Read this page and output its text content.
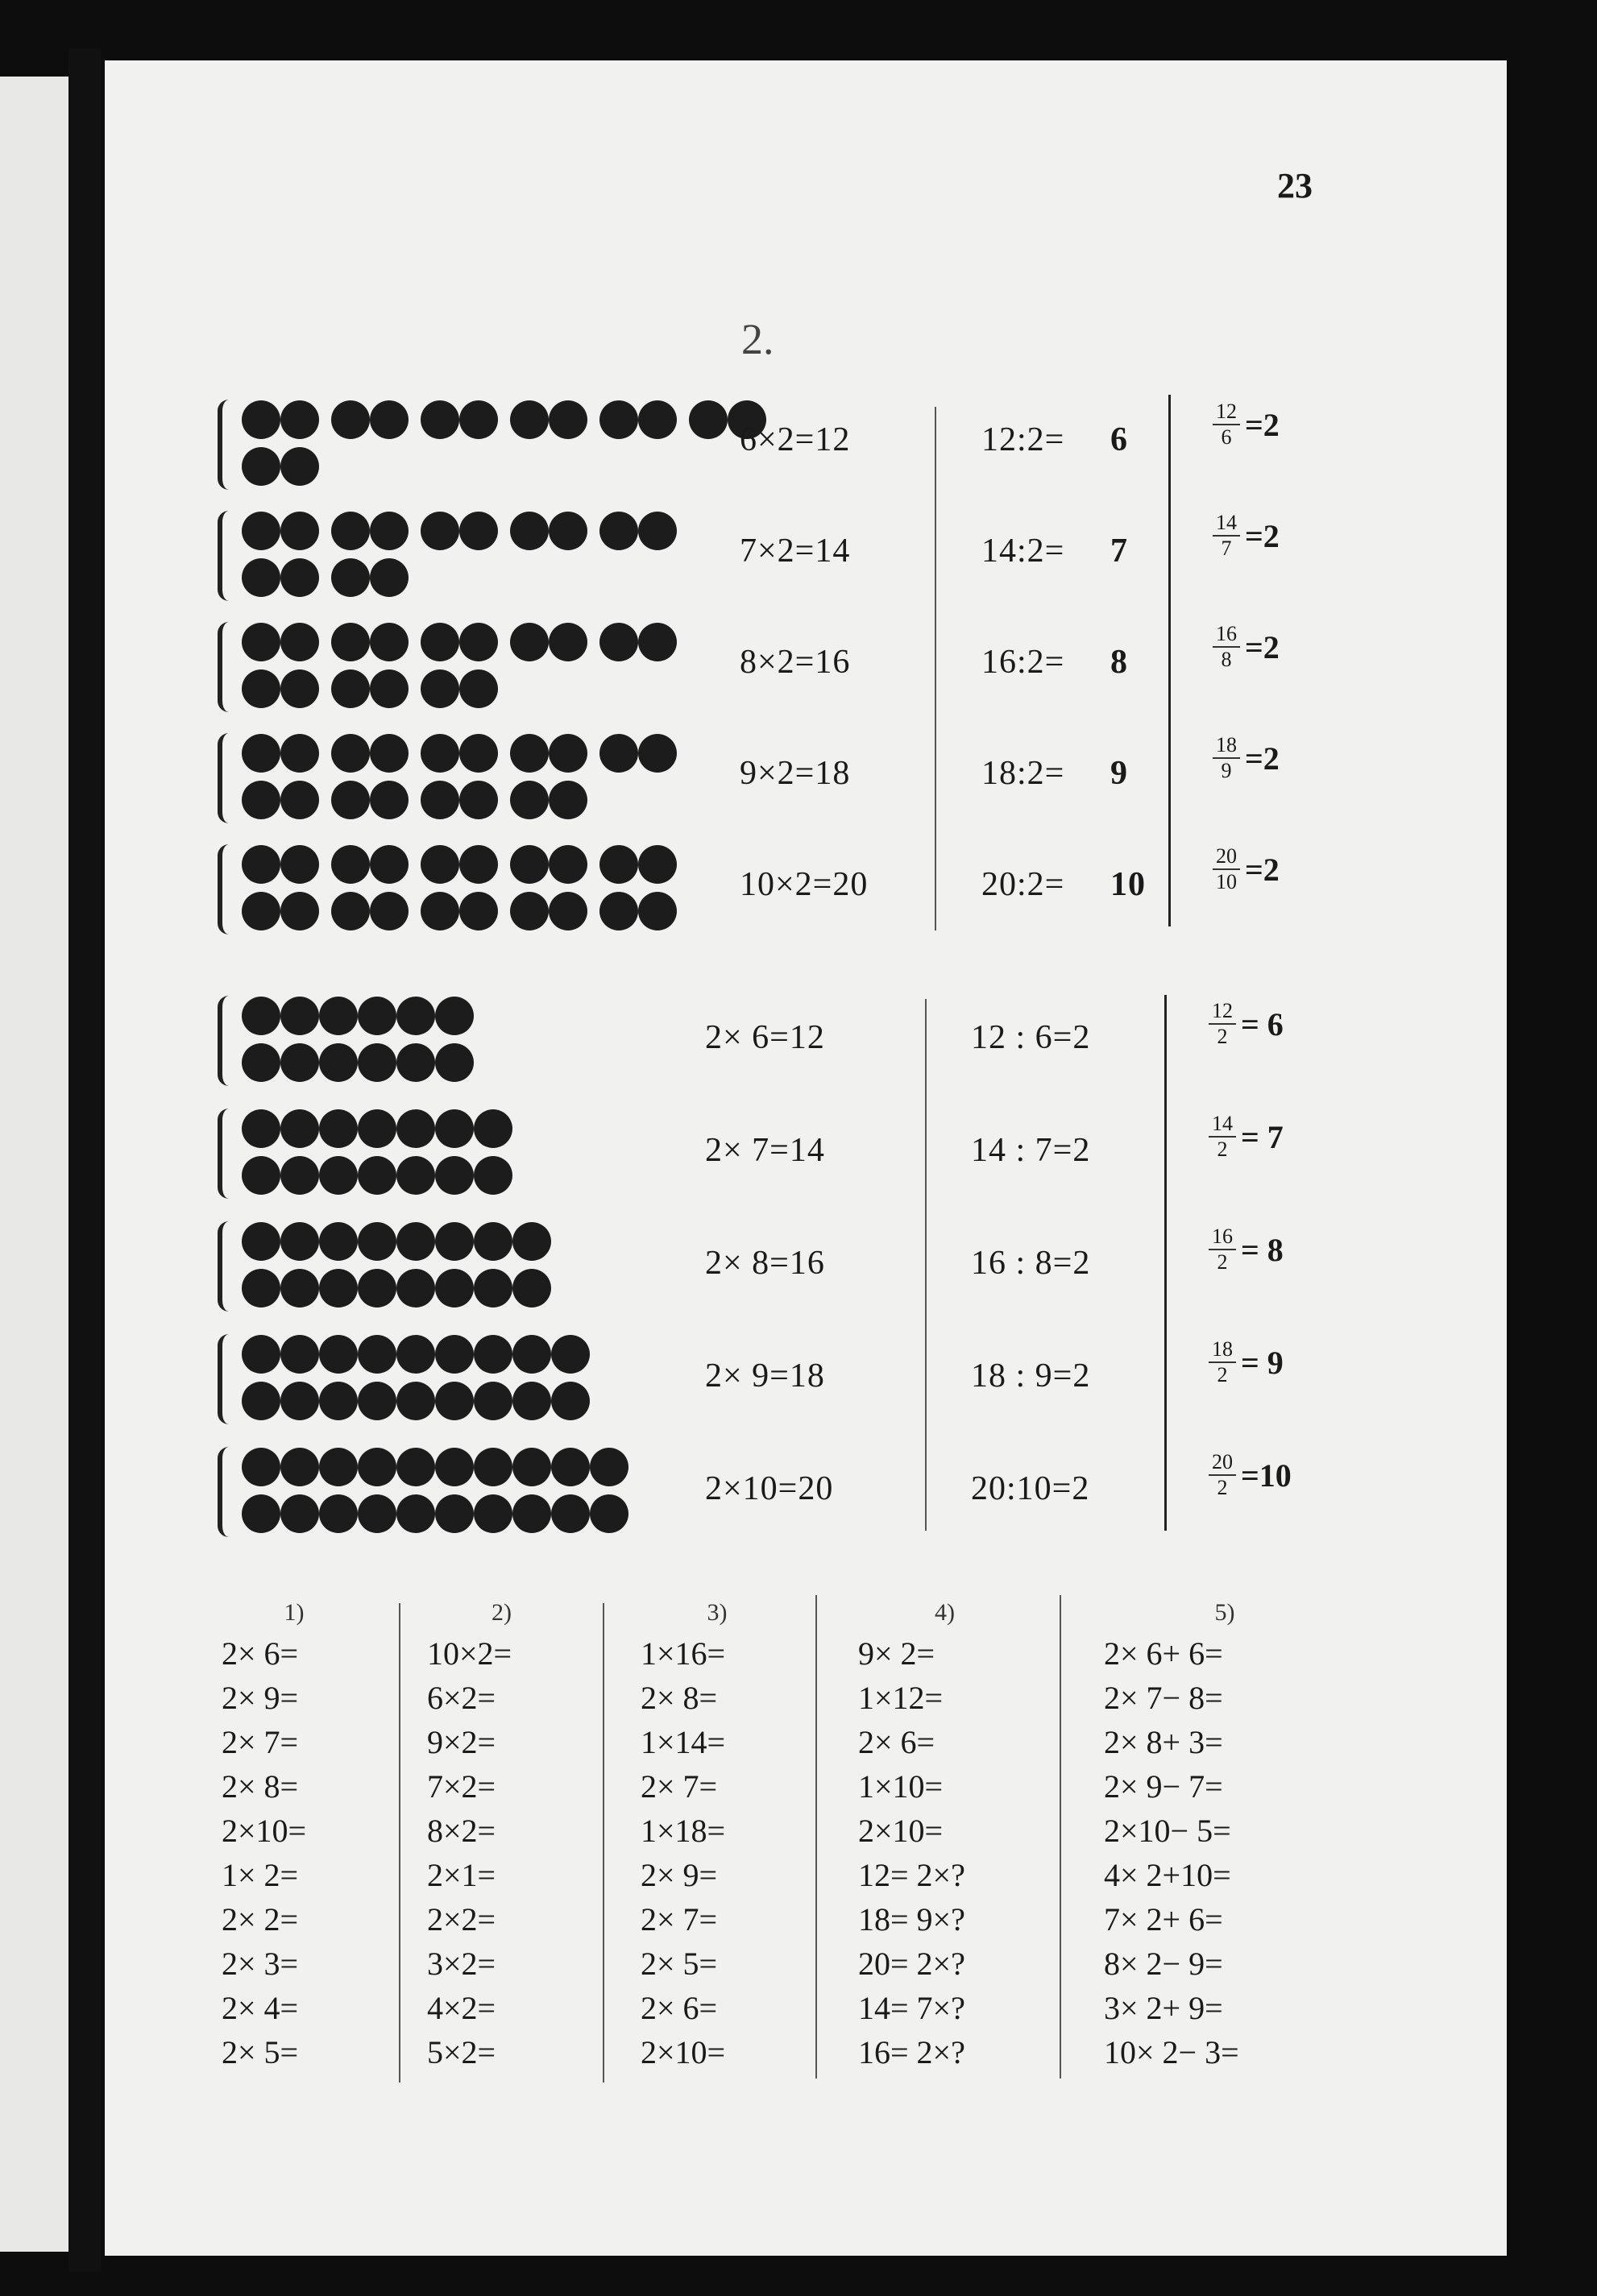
23
2.
6×2=12	12:2= 6	$\frac{12}{6} =2$
7×2=14	14:2= 7	$\frac{14}{7} =2$
8×2=16	16:2= 8	$\frac{16}{8} =2$
9×2=18	18:2= 9	$\frac{18}{9} =2$
10×2=20	20:2= 10	$\frac{20}{10} =2$
2× 6=12	12 : 6=2	$\frac{12}{2} = 6$
2× 7=14	14 : 7=2	$\frac{14}{2} = 7$
2× 8=16	16 : 8=2	$\frac{16}{2} = 8$
2× 9=18	18 : 9=2	$\frac{18}{2} = 9$
2×10=20	20:10=2	$\frac{20}{2} =10$
1)
2× 6=
2× 9=
2× 7=
2× 8=
2×10=
1× 2=
2× 2=
2× 3=
2× 4=
2× 5=
2)
10×2=
6×2=
9×2=
7×2=
8×2=
2×1=
2×2=
3×2=
4×2=
5×2=
3)
1×16=
2× 8=
1×14=
2× 7=
1×18=
2× 9=
2× 7=
2× 5=
2× 6=
2×10=
4)
9× 2=
1×12=
2× 6=
1×10=
2×10=
12= 2×?
18= 9×?
20= 2×?
14= 7×?
16= 2×?
5)
2× 6+ 6=
2× 7− 8=
2× 8+ 3=
2× 9− 7=
2×10− 5=
4× 2+10=
7× 2+ 6=
8× 2− 9=
3× 2+ 9=
10× 2− 3=
